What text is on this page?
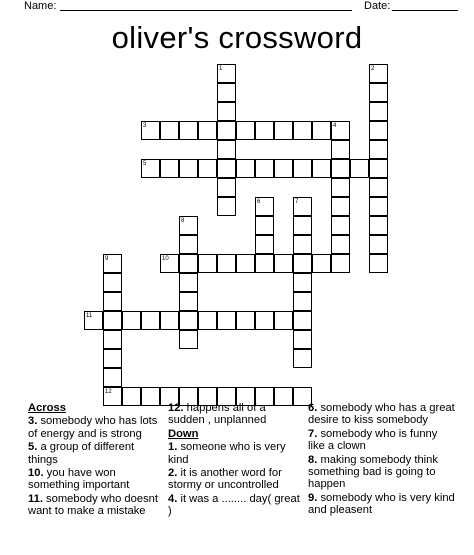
Name:	Date:
oliver's crossword
1	2
3	4
5
6	7
8
9	10
11
12
Across
3. somebody who has lots of energy and is strong
5. a group of different things
10. you have won something important
11. somebody who doesnt want to make a mistake
12. happens all of a sudden , unplanned
Down
1. someone who is very kind
2. it is another word for stormy or uncontrolled
4. it was a ........ day( great )
6. somebody who has a great desire to kiss somebody
7. somebody who is funny like a clown
8. making somebody think something bad is going to happen
9. somebody who is very kind and pleasent
